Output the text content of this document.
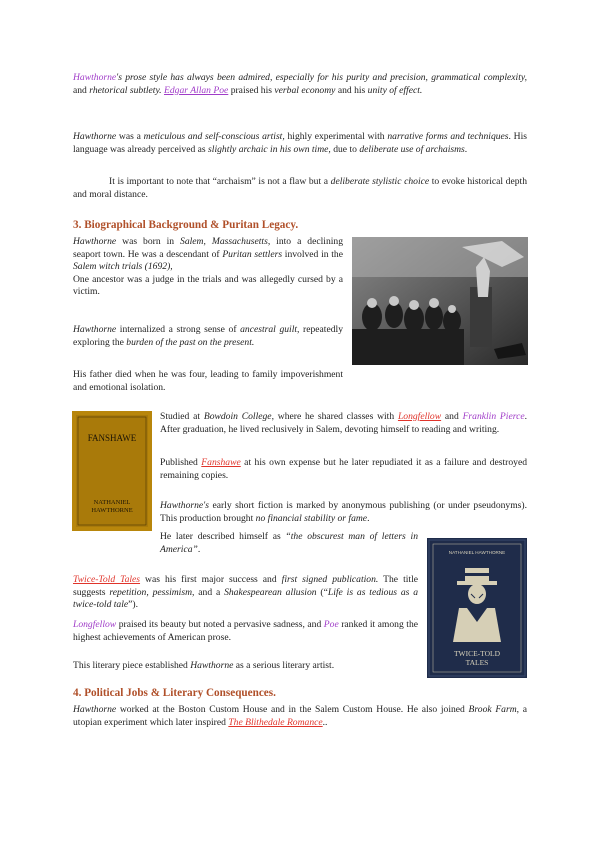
Hawthorne's prose style has always been admired, especially for his purity and precision, grammatical complexity, and rhetorical subtlety. Edgar Allan Poe praised his verbal economy and his unity of effect.

Hawthorne was a meticulous and self-conscious artist, highly experimental with narrative forms and techniques. His language was already perceived as slightly archaic in his own time, due to deliberate use of archaisms.

It is important to note that “archaism” is not a flaw but a deliberate stylistic choice to evoke historical depth and moral distance.

3. Biographical Background & Puritan Legacy.

Hawthorne was born in Salem, Massachusetts, into a declining seaport town. He was a descendant of Puritan settlers involved in the Salem witch trials (1692),
One ancestor was a judge in the trials and was allegedly cursed by a victim.

Hawthorne internalized a strong sense of ancestral guilt, repeatedly exploring the burden of the past on the present.

His father died when he was four, leading to family impoverishment and emotional isolation.

FANSHAWE
NATHANIEL
HAWTHORNE

Studied at Bowdoin College, where he shared classes with Longfellow and Franklin Pierce. After graduation, he lived reclusively in Salem, devoting himself to reading and writing.

Published Fanshawe at his own expense but he later repudiated it as a failure and destroyed remaining copies.

Hawthorne's early short fiction is marked by anonymous publishing (or under pseudonyms). This production brought no financial stability or fame.

He later described himself as “the obscurest man of letters in America”.	NATHANIEL HAWTHORNE
TWICE-TOLD
TALES

Twice-Told Tales was his first major success and first signed publication. The title suggests repetition, pessimism, and a Shakespearean allusion (“Life is as tedious as a twice-told tale”).

Longfellow praised its beauty but noted a pervasive sadness, and Poe ranked it among the highest achievements of American prose.

This literary piece established Hawthorne as a serious literary artist.

4. Political Jobs & Literary Consequences.

Hawthorne worked at the Boston Custom House and in the Salem Custom House. He also joined Brook Farm, a utopian experiment which later inspired The Blithedale Romance..
